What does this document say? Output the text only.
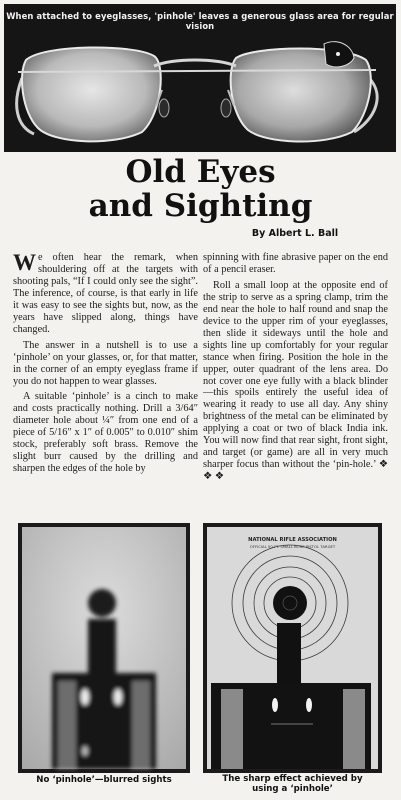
When attached to eyeglasses, 'pinhole' leaves a generous glass area for regular vision
Old Eyes
and Sighting
By Albert L. Ball

We often hear the remark, when shouldering off at the targets with shooting pals, “If I could only see the sight”. The inference, of course, is that early in life it was easy to see the sights but, now, as the years have slipped along, things have changed.

The answer in a nutshell is to use a ‘pinhole’ on your glasses, or, for that matter, in the corner of an empty eyeglass frame if you do not happen to wear glasses.

A suitable ‘pinhole’ is a cinch to make and costs practically nothing. Drill a 3/64″ diameter hole about ¼″ from one end of a piece of 5/16″ x 1″ of 0.005″ to 0.010″ shim stock, preferably soft brass. Remove the slight burr caused by the drilling and sharpen the edges of the hole by

spinning with fine abrasive paper on the end of a pencil eraser.

Roll a small loop at the opposite end of the strip to serve as a spring clamp, trim the end near the hole to half round and snap the device to the upper rim of your eyeglasses, then slide it sideways until the hole and sights line up comfortably for your regular stance when firing. Position the hole in the upper, outer quadrant of the lens area. Do not cover one eye fully with a black blinder—this spoils entirely the useful idea of wearing it ready to use all day. Any shiny brightness of the metal can be eliminated by applying a coat or two of black India ink. You will now find that rear sight, front sight, and target (or game) are all in very much sharper focus than without the ‘pin-hole.’ ❖ ❖ ❖

NATIONAL RIFLE ASSOCIATION
OFFICIAL 50 FT. SMALL BORE PISTOL TARGET
No ‘pinhole’—blurred sights	The sharp effect achieved by
using a ‘pinhole’
